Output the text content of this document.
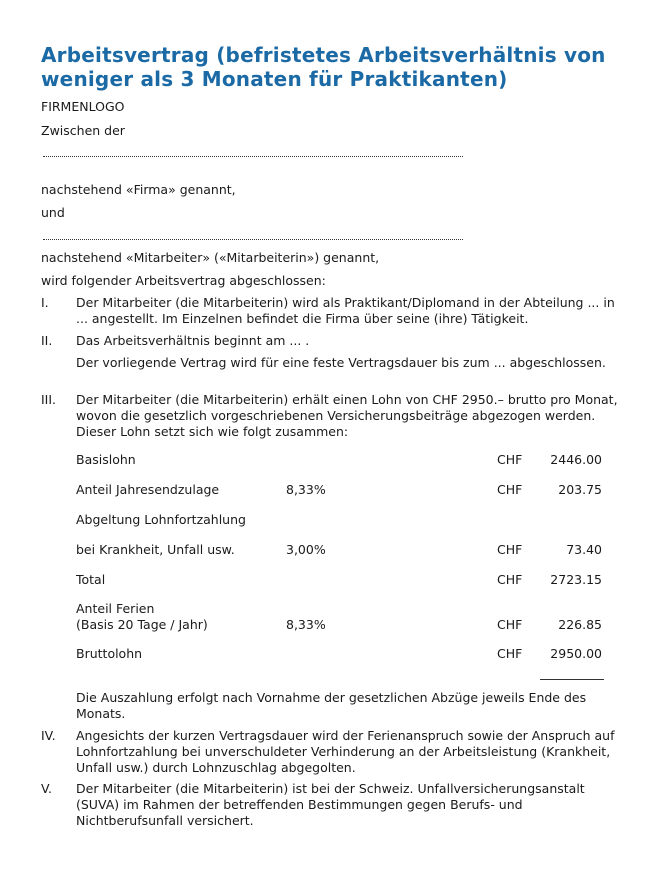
Arbeitsvertrag (befristetes Arbeitsverhältnis von weniger als 3 Monaten für Praktikanten)
FIRMENLOGO
Zwischen der
nachstehend «Firma» genannt,
und
nachstehend «Mitarbeiter» («Mitarbeiterin») genannt,
wird folgender Arbeitsvertrag abgeschlossen:
I. Der Mitarbeiter (die Mitarbeiterin) wird als Praktikant/Diplomand in der Abteilung ... in ... angestellt. Im Einzelnen befindet die Firma über seine (ihre) Tätigkeit.
II. Das Arbeitsverhältnis beginnt am ... .
Der vorliegende Vertrag wird für eine feste Vertragsdauer bis zum ... abgeschlossen.
III. Der Mitarbeiter (die Mitarbeiterin) erhält einen Lohn von CHF 2950.– brutto pro Monat, wovon die gesetzlich vorgeschriebenen Versicherungsbeiträge abgezogen werden. Dieser Lohn setzt sich wie folgt zusammen:
Basislohn	CHF 2446.00
Anteil Jahresendzulage	8,33%	CHF	203.75
Abgeltung Lohnfortzahlung
bei Krankheit, Unfall usw.	3,00%	CHF	73.40
Total	CHF 2723.15
Anteil Ferien
(Basis 20 Tage / Jahr)	8,33%	CHF	226.85
Bruttolohn	CHF 2950.00
Die Auszahlung erfolgt nach Vornahme der gesetzlichen Abzüge jeweils Ende des Monats.
IV. Angesichts der kurzen Vertragsdauer wird der Ferienanspruch sowie der Anspruch auf Lohnfortzahlung bei unverschuldeter Verhinderung an der Arbeitsleistung (Krankheit, Unfall usw.) durch Lohnzuschlag abgegolten.
V. Der Mitarbeiter (die Mitarbeiterin) ist bei der Schweiz. Unfallversicherungsanstalt (SUVA) im Rahmen der betreffenden Bestimmungen gegen Berufs- und Nichtberufsunfall versichert.
